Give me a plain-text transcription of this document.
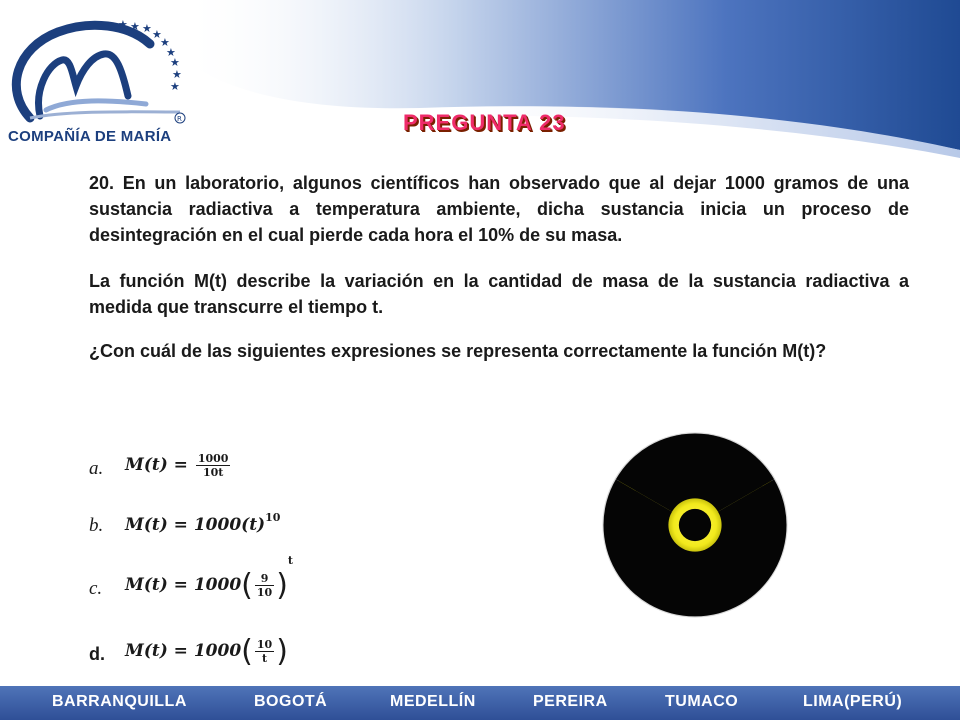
★ ★ ★ ★
★
★
★
★
★
R
COMPAÑÍA DE MARÍA
PREGUNTA 23

20. En un laboratorio, algunos científicos han observado que al dejar 1000 gramos de una sustancia radiactiva a temperatura ambiente, dicha sustancia inicia un proceso de desintegración en el cual pierde cada hora el 10% de su masa.

La función M(t) describe la variación en la cantidad de masa de la sustancia radiactiva a medida que transcurre el tiempo t.

¿Con cuál de las siguientes expresiones se representa correctamente la función M(t)?

a. $M(t) = \frac{1000}{10t}$
b. $M(t) = 1000(t)^{10}$
c. $M(t) = 1000( \frac{9}{10} )^t$
d. $M(t) = 1000( \frac{10}{t}$ )
BARRANQUILLA	BOGOTÁ	MEDELLÍN	PEREIRA	TUMACO	LIMA(PERÚ)
